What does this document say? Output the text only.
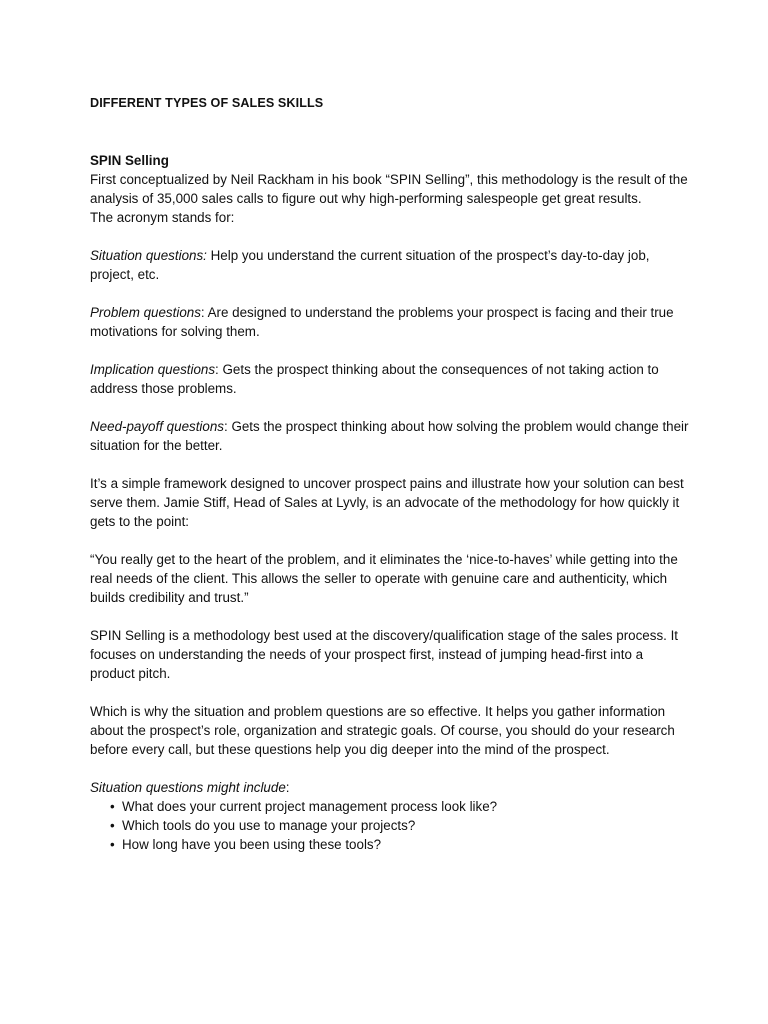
DIFFERENT TYPES OF SALES SKILLS

SPIN Selling

First conceptualized by Neil Rackham in his book “SPIN Selling”, this methodology is the result of the analysis of 35,000 sales calls to figure out why high-performing salespeople get great results.

The acronym stands for:

Situation questions: Help you understand the current situation of the prospect’s day-to-day job, project, etc.

Problem questions: Are designed to understand the problems your prospect is facing and their true motivations for solving them.

Implication questions: Gets the prospect thinking about the consequences of not taking action to address those problems.

Need-payoff questions: Gets the prospect thinking about how solving the problem would change their situation for the better.

It’s a simple framework designed to uncover prospect pains and illustrate how your solution can best serve them. Jamie Stiff, Head of Sales at Lyvly, is an advocate of the methodology for how quickly it gets to the point:

“You really get to the heart of the problem, and it eliminates the ‘nice-to-haves’ while getting into the real needs of the client. This allows the seller to operate with genuine care and authenticity, which builds credibility and trust.”

SPIN Selling is a methodology best used at the discovery/qualification stage of the sales process. It focuses on understanding the needs of your prospect first, instead of jumping head-first into a product pitch.

Which is why the situation and problem questions are so effective. It helps you gather information about the prospect’s role, organization and strategic goals. Of course, you should do your research before every call, but these questions help you dig deeper into the mind of the prospect.

Situation questions might include:

• What does your current project management process look like?
• Which tools do you use to manage your projects?
• How long have you been using these tools?
